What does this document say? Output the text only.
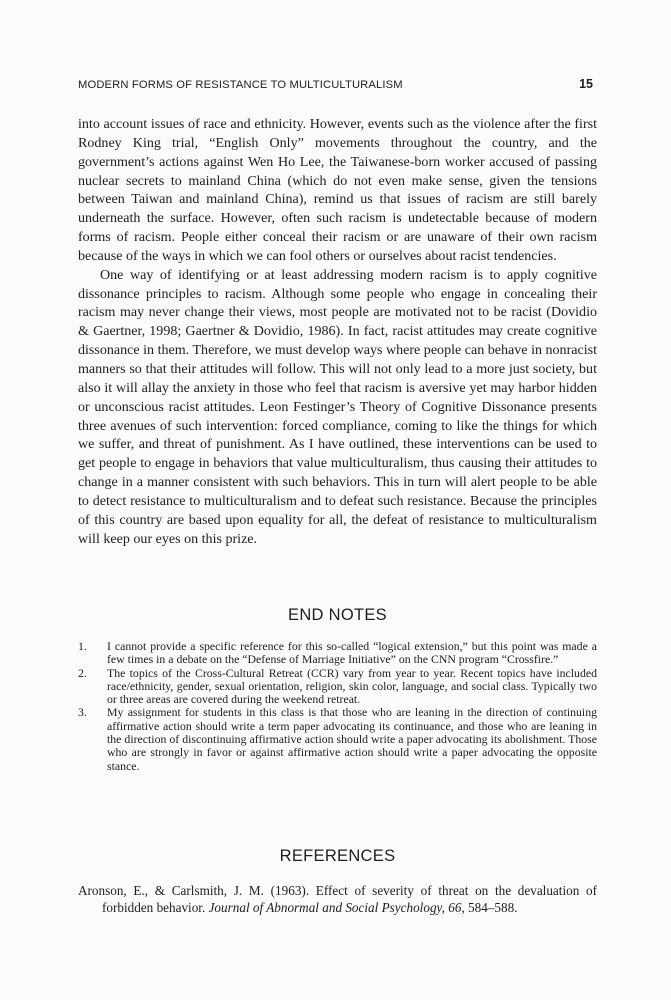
MODERN FORMS OF RESISTANCE TO MULTICULTURALISM	15

into account issues of race and ethnicity. However, events such as the violence after the first Rodney King trial, “English Only” movements throughout the country, and the government’s actions against Wen Ho Lee, the Taiwanese-born worker accused of passing nuclear secrets to mainland China (which do not even make sense, given the tensions between Taiwan and mainland China), remind us that issues of racism are still barely underneath the surface. However, often such racism is undetectable because of modern forms of racism. People either conceal their racism or are unaware of their own racism because of the ways in which we can fool others or ourselves about racist tendencies.

One way of identifying or at least addressing modern racism is to apply cognitive dissonance principles to racism. Although some people who engage in concealing their racism may never change their views, most people are motivated not to be racist (Dovidio & Gaertner, 1998; Gaertner & Dovidio, 1986). In fact, racist attitudes may create cognitive dissonance in them. Therefore, we must develop ways where people can behave in nonracist manners so that their attitudes will follow. This will not only lead to a more just society, but also it will allay the anxiety in those who feel that racism is aversive yet may harbor hidden or unconscious racist attitudes. Leon Festinger’s Theory of Cognitive Dissonance presents three avenues of such intervention: forced compliance, coming to like the things for which we suffer, and threat of punishment. As I have outlined, these interventions can be used to get people to engage in behaviors that value multiculturalism, thus causing their attitudes to change in a manner consistent with such behaviors. This in turn will alert people to be able to detect resistance to multiculturalism and to defeat such resistance. Because the principles of this country are based upon equality for all, the defeat of resistance to multiculturalism will keep our eyes on this prize.

END NOTES
1.	I cannot provide a specific reference for this so-called “logical extension,” but this point was made a few times in a debate on the “Defense of Marriage Initiative” on the CNN program “Crossfire.”
2.	The topics of the Cross-Cultural Retreat (CCR) vary from year to year. Recent topics have included race/ethnicity, gender, sexual orientation, religion, skin color, language, and social class. Typically two or three areas are covered during the weekend retreat.
3.	My assignment for students in this class is that those who are leaning in the direction of continuing affirmative action should write a term paper advocating its continuance, and those who are leaning in the direction of discontinuing affirmative action should write a paper advocating its abolishment. Those who are strongly in favor or against affirmative action should write a paper advocating the opposite stance.
REFERENCES

Aronson, E., & Carlsmith, J. M. (1963). Effect of severity of threat on the devaluation of forbidden behavior. Journal of Abnormal and Social Psychology, 66, 584–588.
